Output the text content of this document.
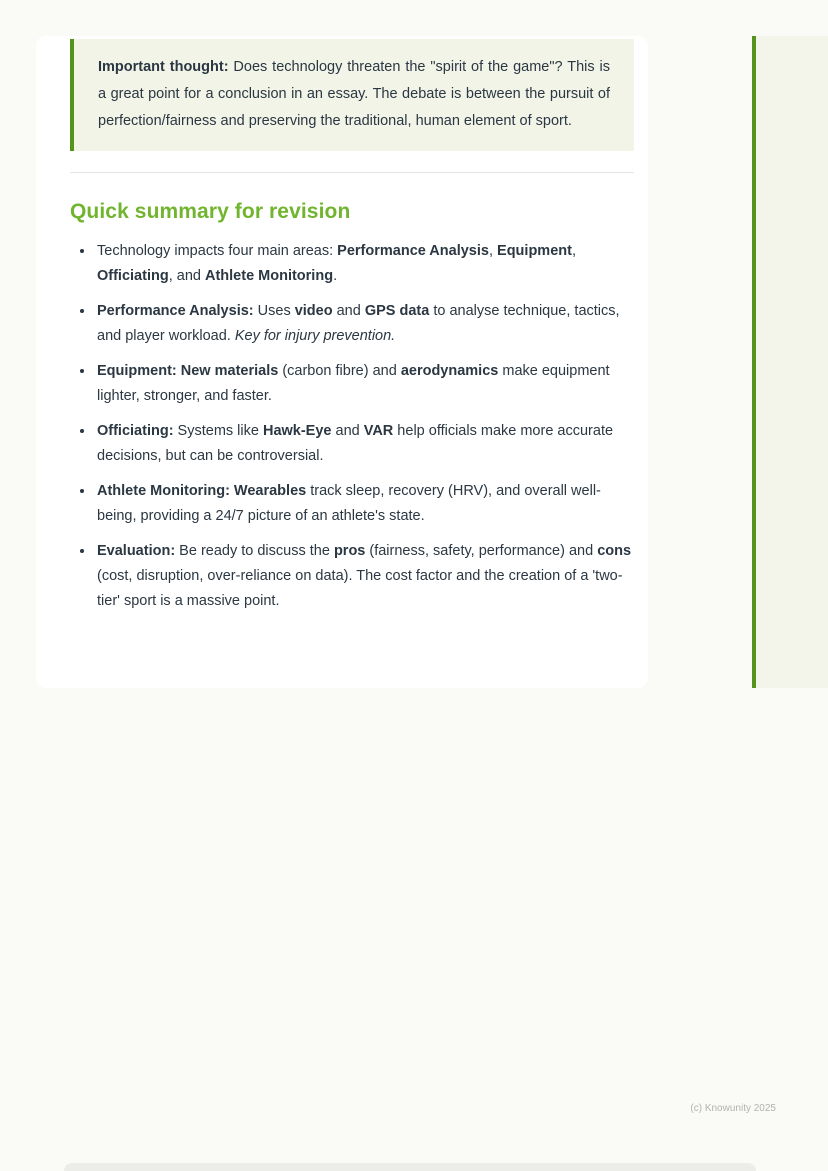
Important thought: Does technology threaten the "spirit of the game"? This is a great point for a conclusion in an essay. The debate is between the pursuit of perfection/fairness and preserving the traditional, human element of sport.

Quick summary for revision
• Technology impacts four main areas: Performance Analysis, Equipment, Officiating, and Athlete Monitoring.
• Performance Analysis: Uses video and GPS data to analyse technique, tactics, and player workload. Key for injury prevention.
• Equipment: New materials (carbon fibre) and aerodynamics make equipment lighter, stronger, and faster.
• Officiating: Systems like Hawk-Eye and VAR help officials make more accurate decisions, but can be controversial.
• Athlete Monitoring: Wearables track sleep, recovery (HRV), and overall well-being, providing a 24/7 picture of an athlete's state.
• Evaluation: Be ready to discuss the pros (fairness, safety, performance) and cons (cost, disruption, over-reliance on data). The cost factor and the creation of a 'two-tier' sport is a massive point.
(c) Knowunity 2025
